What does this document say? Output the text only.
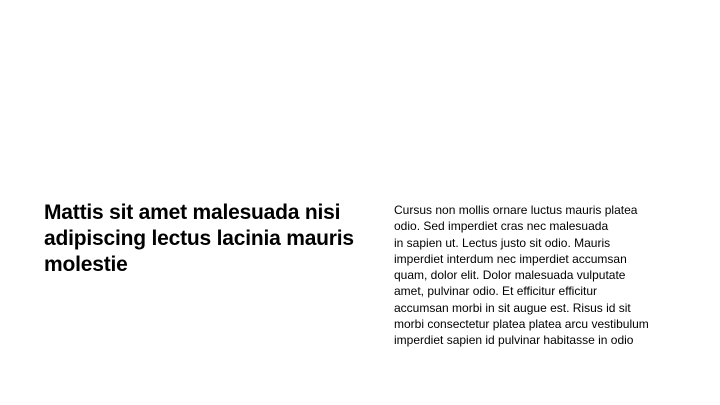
Mattis sit amet malesuada nisi adipiscing lectus lacinia mauris molestie

Cursus non mollis ornare luctus mauris platea
odio. Sed imperdiet cras nec malesuada
in sapien ut. Lectus justo sit odio. Mauris
imperdiet interdum nec imperdiet accumsan
quam, dolor elit. Dolor malesuada vulputate
amet, pulvinar odio. Et efficitur efficitur
accumsan morbi in sit augue est. Risus id sit
morbi consectetur platea platea arcu vestibulum
imperdiet sapien id pulvinar habitasse in odio
